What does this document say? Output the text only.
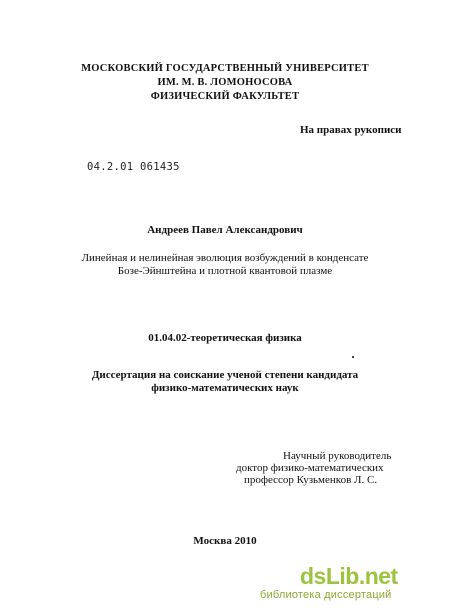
МОСКОВСКИЙ ГОСУДАРСТВЕННЫЙ УНИВЕРСИТЕТ
ИМ. М. В. ЛОМОНОСОВА
ФИЗИЧЕСКИЙ ФАКУЛЬТЕТ
На правах рукописи
04.2.01 061435
Андреев Павел Александрович
Линейная и нелинейная эволюция возбуждений в конденсате
Бозе-Эйнштейна и плотной квантовой плазме
01.04.02-теоретическая физика
Диссертация на соискание ученой степени кандидата
физико-математических наук
Научный руководитель
доктор физико-математических
профессор Кузьменков Л. С.
Москва 2010
dsLib.net
библиотека диссертаций
